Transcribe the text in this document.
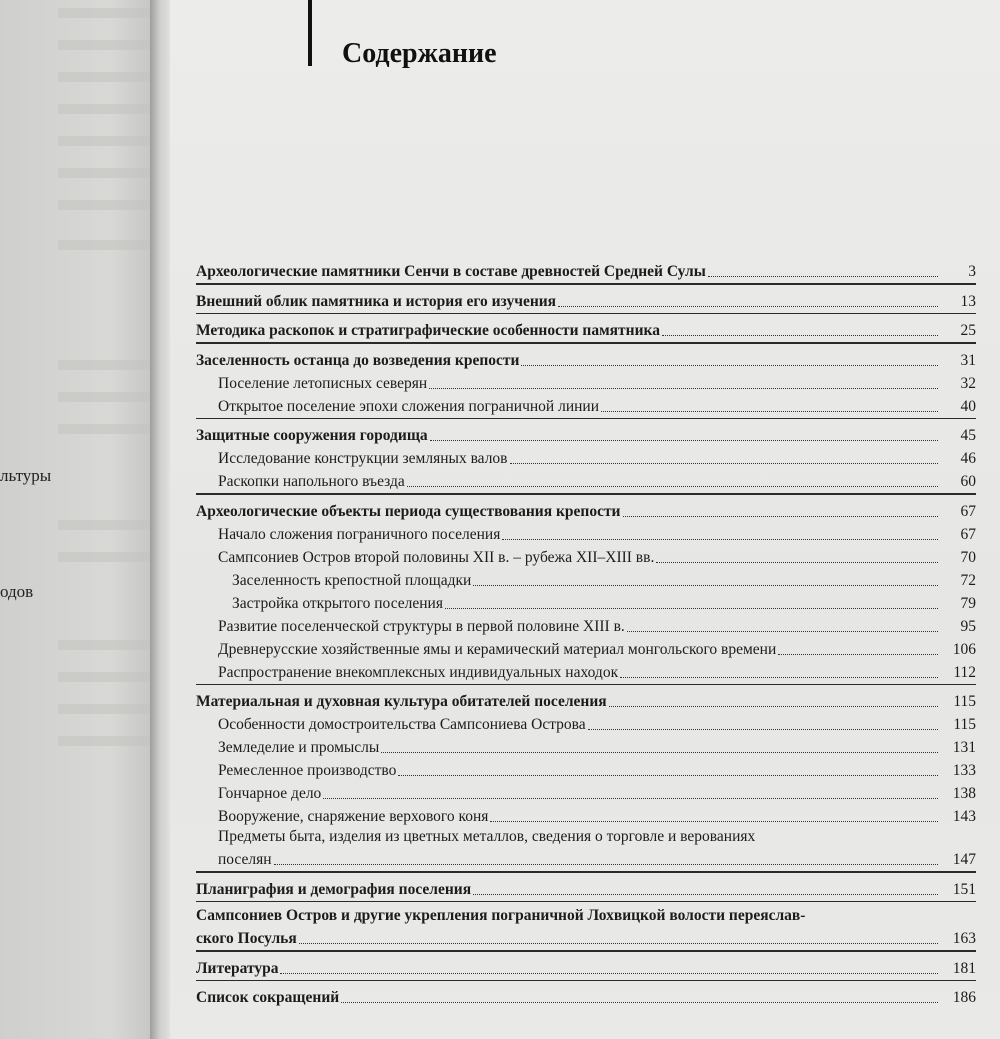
льтуры
одов
Содержание
Археологические памятники Сенчи в составе древностей Средней Сулы	3
Внешний облик памятника и история его изучения	13
Методика раскопок и стратиграфические особенности памятника	25
Заселенность останца до возведения крепости	31
Поселение летописных северян	32
Открытое поселение эпохи сложения пограничной линии	40
Защитные сооружения городища	45
Исследование конструкции земляных валов	46
Раскопки напольного въезда	60
Археологические объекты периода существования крепости	67
Начало сложения пограничного поселения	67
Сампсониев Остров второй половины XII в. – рубежа XII–XIII вв.	70
Заселенность крепостной площадки	72
Застройка открытого поселения	79
Развитие поселенческой структуры в первой половине XIII в.	95
Древнерусские хозяйственные ямы и керамический материал монгольского времени	106
Распространение внекомплексных индивидуальных находок	112
Материальная и духовная культура обитателей поселения	115
Особенности домостроительства Сампсониева Острова	115
Земледелие и промыслы	131
Ремесленное производство	133
Гончарное дело	138
Вооружение, снаряжение верхового коня	143
Предметы быта, изделия из цветных металлов, сведения о торговле и верованиях
поселян	147
Планиграфия и демография поселения	151
Сампсониев Остров и другие укрепления пограничной Лохвицкой волости переяслав-
ского Посулья	163
Литература	181
Список сокращений	186
